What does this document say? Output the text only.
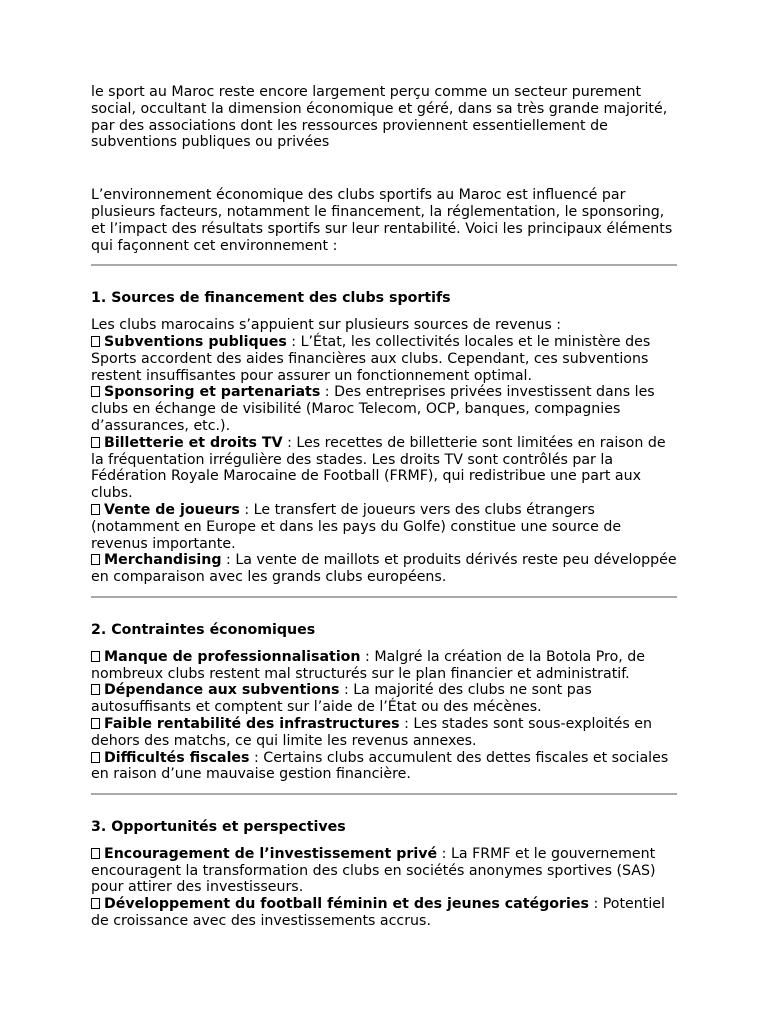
le sport au Maroc reste encore largement perçu comme un secteur purement social, occultant la dimension économique et géré, dans sa très grande majorité, par des associations dont les ressources proviennent essentiellement de subventions publiques ou privées

L’environnement économique des clubs sportifs au Maroc est influencé par plusieurs facteurs, notamment le financement, la réglementation, le sponsoring, et l’impact des résultats sportifs sur leur rentabilité. Voici les principaux éléments qui façonnent cet environnement :

1. Sources de financement des clubs sportifs

Les clubs marocains s’appuient sur plusieurs sources de revenus :

Subventions publiques : L’État, les collectivités locales et le ministère des Sports accordent des aides financières aux clubs. Cependant, ces subventions restent insuffisantes pour assurer un fonctionnement optimal.

Sponsoring et partenariats : Des entreprises privées investissent dans les clubs en échange de visibilité (Maroc Telecom, OCP, banques, compagnies d’assurances, etc.).

Billetterie et droits TV : Les recettes de billetterie sont limitées en raison de la fréquentation irrégulière des stades. Les droits TV sont contrôlés par la Fédération Royale Marocaine de Football (FRMF), qui redistribue une part aux clubs.

Vente de joueurs : Le transfert de joueurs vers des clubs étrangers (notamment en Europe et dans les pays du Golfe) constitue une source de revenus importante.

Merchandising : La vente de maillots et produits dérivés reste peu développée en comparaison avec les grands clubs européens.

2. Contraintes économiques

Manque de professionnalisation : Malgré la création de la Botola Pro, de nombreux clubs restent mal structurés sur le plan financier et administratif.

Dépendance aux subventions : La majorité des clubs ne sont pas autosuffisants et comptent sur l’aide de l’État ou des mécènes.

Faible rentabilité des infrastructures : Les stades sont sous-exploités en dehors des matchs, ce qui limite les revenus annexes.

Difficultés fiscales : Certains clubs accumulent des dettes fiscales et sociales en raison d’une mauvaise gestion financière.

3. Opportunités et perspectives

Encouragement de l’investissement privé : La FRMF et le gouvernement encouragent la transformation des clubs en sociétés anonymes sportives (SAS) pour attirer des investisseurs.

Développement du football féminin et des jeunes catégories : Potentiel de croissance avec des investissements accrus.
